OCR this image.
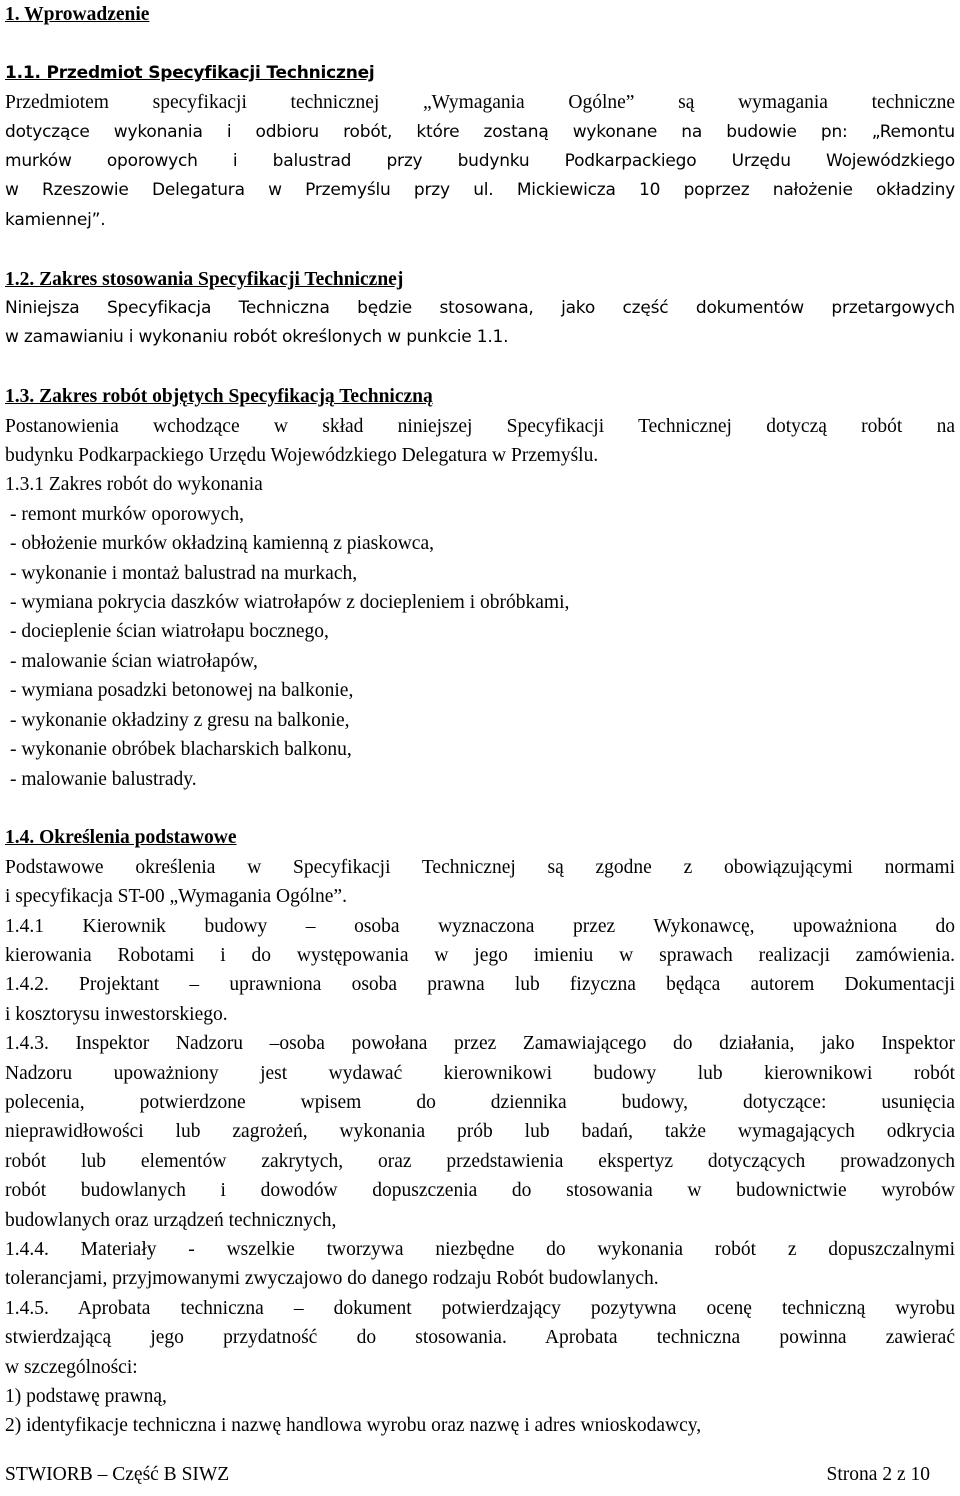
1. Wprowadzenie
1.1. Przedmiot Specyfikacji Technicznej
Przedmiotem specyfikacji technicznej „Wymagania Ogólne” są wymagania techniczne
dotyczące wykonania i odbioru robót, które zostaną wykonane na budowie pn: „Remontu
murków oporowych i balustrad przy budynku Podkarpackiego Urzędu Wojewódzkiego
w Rzeszowie Delegatura w Przemyślu przy ul. Mickiewicza 10 poprzez nałożenie okładziny
kamiennej”.
1.2. Zakres stosowania Specyfikacji Technicznej
Niniejsza Specyfikacja Techniczna będzie stosowana, jako część dokumentów przetargowych
w zamawianiu i wykonaniu robót określonych w punkcie 1.1.
1.3. Zakres robót objętych Specyfikacją Techniczną
Postanowienia wchodzące w skład niniejszej Specyfikacji Technicznej dotyczą robót na
budynku Podkarpackiego Urzędu Wojewódzkiego Delegatura w Przemyślu.
1.3.1 Zakres robót do wykonania
- remont murków oporowych,
- obłożenie murków okładziną kamienną z piaskowca,
- wykonanie i montaż balustrad na murkach,
- wymiana pokrycia daszków wiatrołapów z dociepleniem i obróbkami,
- docieplenie ścian wiatrołapu bocznego,
- malowanie ścian wiatrołapów,
- wymiana posadzki betonowej na balkonie,
- wykonanie okładziny z gresu na balkonie,
- wykonanie obróbek blacharskich balkonu,
- malowanie balustrady.
1.4. Określenia podstawowe
Podstawowe określenia w Specyfikacji Technicznej są zgodne z obowiązującymi normami
i specyfikacja ST-00 „Wymagania Ogólne”.
1.4.1 Kierownik budowy – osoba wyznaczona przez Wykonawcę, upoważniona do
kierowania Robotami i do występowania w jego imieniu w sprawach realizacji zamówienia.
1.4.2. Projektant – uprawniona osoba prawna lub fizyczna będąca autorem Dokumentacji
i kosztorysu inwestorskiego.
1.4.3. Inspektor Nadzoru –osoba powołana przez Zamawiającego do działania, jako Inspektor
Nadzoru upoważniony jest wydawać kierownikowi budowy lub kierownikowi robót
polecenia, potwierdzone wpisem do dziennika budowy, dotyczące: usunięcia
nieprawidłowości lub zagrożeń, wykonania prób lub badań, także wymagających odkrycia
robót lub elementów zakrytych, oraz przedstawienia ekspertyz dotyczących prowadzonych
robót budowlanych i dowodów dopuszczenia do stosowania w budownictwie wyrobów
budowlanych oraz urządzeń technicznych,
1.4.4. Materiały - wszelkie tworzywa niezbędne do wykonania robót z dopuszczalnymi
tolerancjami, przyjmowanymi zwyczajowo do danego rodzaju Robót budowlanych.
1.4.5. Aprobata techniczna – dokument potwierdzający pozytywna ocenę techniczną wyrobu
stwierdzającą jego przydatność do stosowania. Aprobata techniczna powinna zawierać
w szczególności:
1) podstawę prawną,
2) identyfikacje techniczna i nazwę handlowa wyrobu oraz nazwę i adres wnioskodawcy,
STWIORB – Część B SIWZ	Strona 2 z 10
